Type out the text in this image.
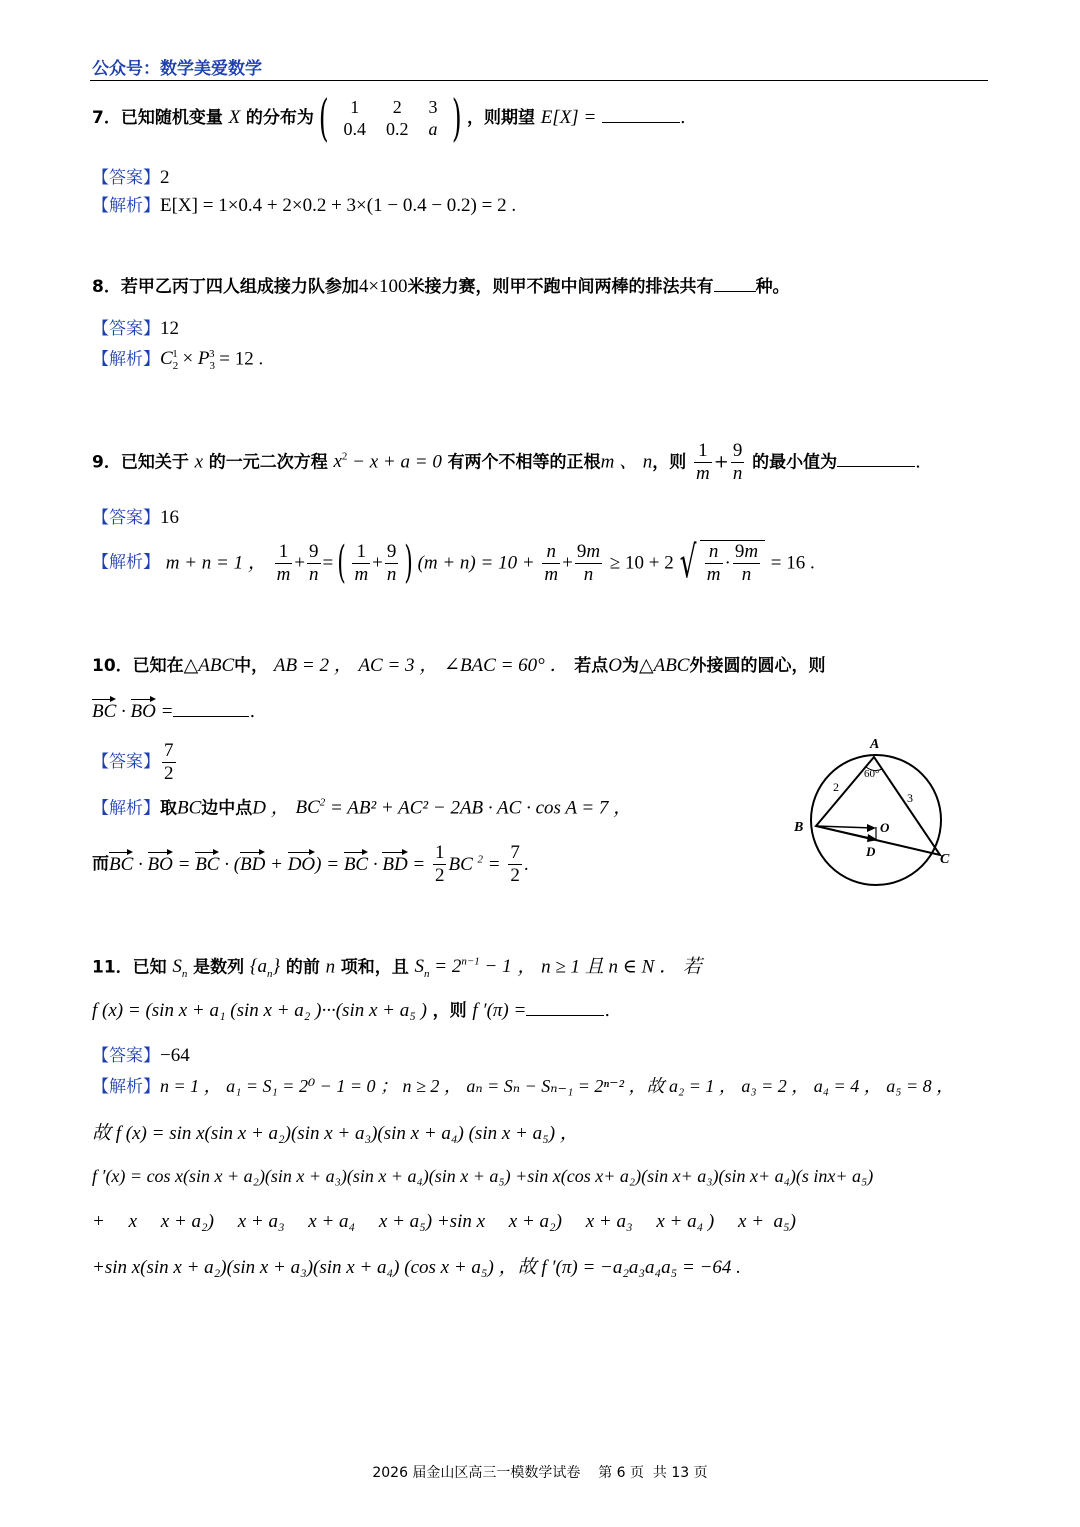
公众号：数学美爱数学
7．已知随机变量 X 的分布为( 1	2	3
0.4	0.2	a ) ，则期望 E[X] =	.
【答案】2
【解析】E[X] = 1×0.4 + 2×0.2 + 3×(1 − 0.4 − 0.2) = 2 .
8．若甲乙丙丁四人组成接力队参加4×100米接力赛，则甲不跑中间两棒的排法共有 种。
【答案】12
【解析】$C_2^1 \times P_3^3 = 12$ .
9．已知关于 x 的一元二次方程 $x^2 - x + a = 0$ 有两个不相等的正根m 、 n，则 $\frac{1}{m} + \frac{9}{n}$ 的最小值为	.
【答案】16
【解析】 m + n = 1 ， $\frac{1}{m} + \frac{9}{n}$ =( $\frac{1}{m} + \frac{9}{n}$ ) $(m + n) = 10 + \frac{n}{m} + \frac{9m}{n} \ge 10 + 2$ √ $\frac{n}{m} \cdot \frac{9m}{n} = 16$ .
10．已知在△ABC中， AB = 2 ， AC = 3 ， ∠BAC = 60° ． 若点O为△ABC外接圆的圆心，则
BC · BO =	.
【答案】 $\frac{7}{2}$
【解析】取BC边中点D ， $BC^2 = AB^2 + AC^2 - 2AB$ · AC · cos A = 7 ，
而BC · BO = BC · (BD + DO) = BC · BD = $\frac{1}{2}$ BC $^2 = \frac{7}{2}$ .
A
B
C
D
O
60°
2
3
11．已知 $S_n$ 是数列 $\{a_n\}$ 的前 n 项和，且 $S_n = 2^{n-1} - 1$ ， n ≥ 1 且 n ∈ N ． 若
f (x) = (sin x + a₁ (sin x + a₂ )···(sin x + a₅ ) ，则 f ′(π) =	.
【答案】−64
【解析】n = 1 ， a₁ = S₁ = 2⁰ − 1 = 0 ； n ≥ 2 ， aₙ = Sₙ − Sₙ₋₁ = 2ⁿ⁻² ，故 a₂ = 1 ， a₃ = 2 ， a₄ = 4 ， a₅ = 8 ，
故 f (x) = sin x(sin x + a₂)(sin x + a₃)(sin x + a₄) (sin x + a₅) ，
f ′(x) = cos x(sin x + a₂)(sin x + a₃)(sin x + a₄)(sin x + a₅) +sin x(cos x+ a₂)(sin x+ a₃)(sin x+ a₄)(s inx+ a₅)
+     x     x + a₂)     x + a₃     x + a₄     x + a₅) +sin x     x + a₂)     x + a₃     x + a₄ )     x +  a₅)
+sin x(sin x + a₂)(sin x + a₃)(sin x + a₄) (cos x + a₅) ，故 f ′(π) = −a₂a₃a₄a₅ = −64 .
2026 届金山区高三一模数学试卷    第 6 页  共 13 页
